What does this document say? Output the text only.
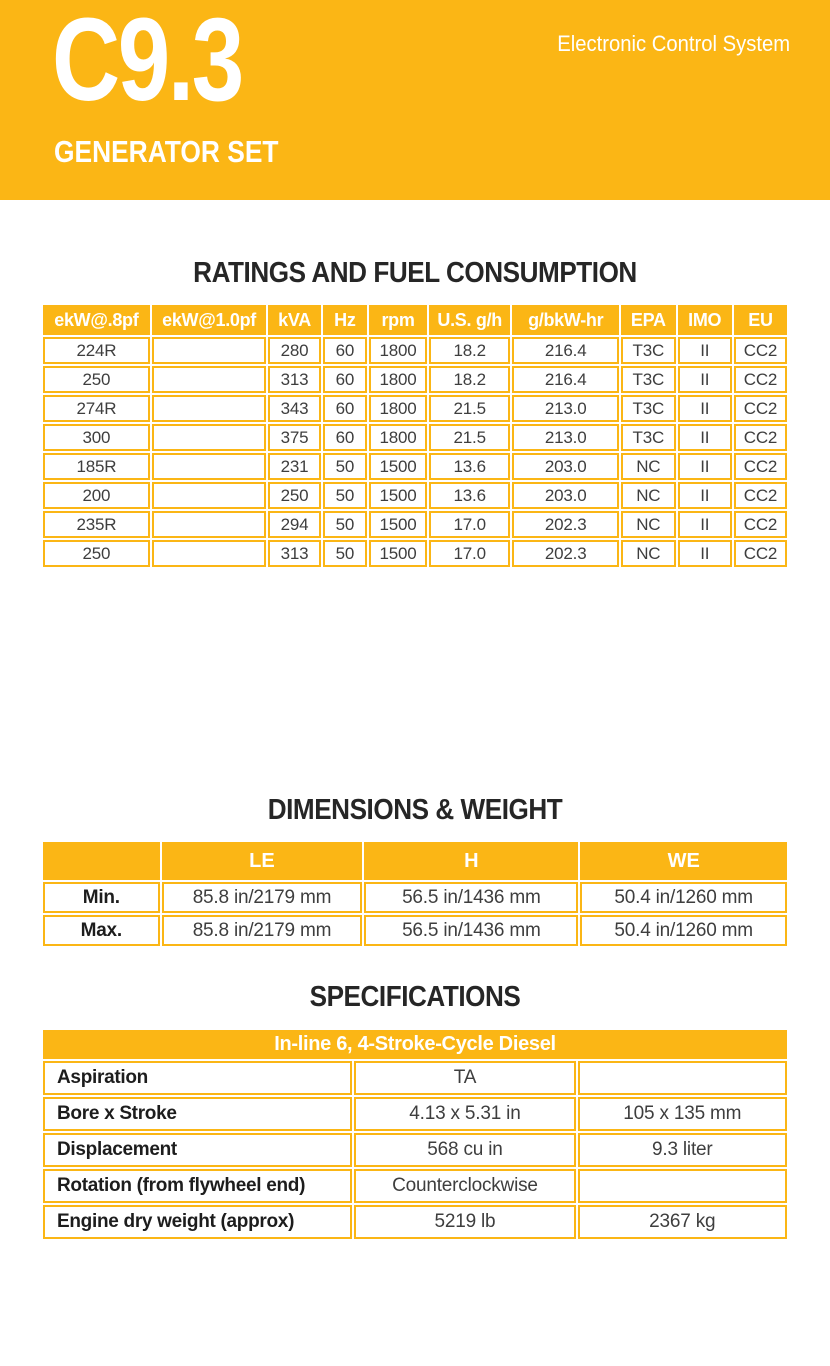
C9.3
GENERATOR SET
Electronic Control System
RATINGS AND FUEL CONSUMPTION
ekW@.8pf	ekW@1.0pf	kVA	Hz	rpm	U.S. g/h	g/bkW-hr	EPA	IMO	EU
224R		280	60	1800	18.2	216.4	T3C	II	CC2
250		313	60	1800	18.2	216.4	T3C	II	CC2
274R		343	60	1800	21.5	213.0	T3C	II	CC2
300		375	60	1800	21.5	213.0	T3C	II	CC2
185R		231	50	1500	13.6	203.0	NC	II	CC2
200		250	50	1500	13.6	203.0	NC	II	CC2
235R		294	50	1500	17.0	202.3	NC	II	CC2
250		313	50	1500	17.0	202.3	NC	II	CC2
DIMENSIONS & WEIGHT
	LE	H	WE
Min.	85.8 in/2179 mm	56.5 in/1436 mm	50.4 in/1260 mm
Max.	85.8 in/2179 mm	56.5 in/1436 mm	50.4 in/1260 mm
SPECIFICATIONS
In-line 6, 4-Stroke-Cycle Diesel		
Aspiration	TA	
Bore x Stroke	4.13 x 5.31 in	105 x 135 mm
Displacement	568 cu in	9.3 liter
Rotation (from flywheel end)	Counterclockwise	
Engine dry weight (approx)	5219 lb	2367 kg
